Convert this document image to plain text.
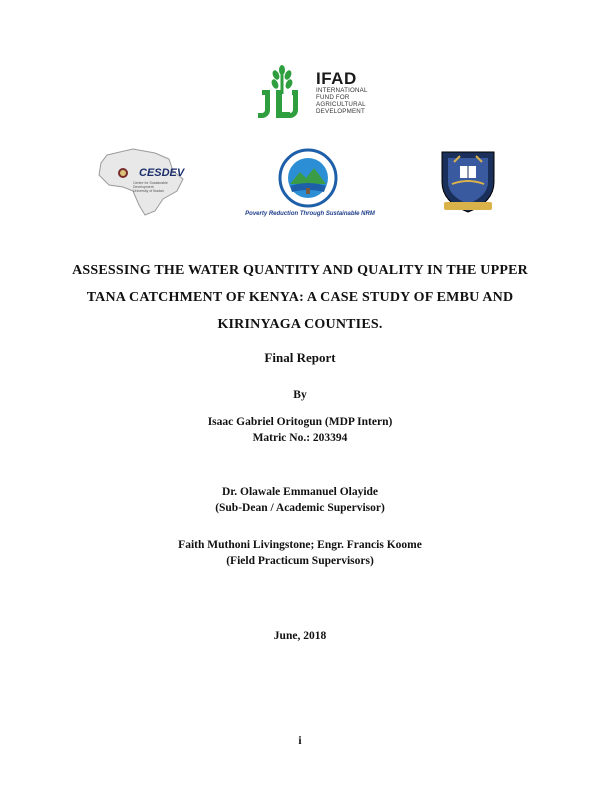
IFAD
INTERNATIONAL
FUND FOR
AGRICULTURAL
DEVELOPMENT
CESDEV
Centre for Sustainable
Development
University of Ibadan
Poverty Reduction Through Sustainable NRM
ASSESSING THE WATER QUANTITY AND QUALITY IN THE UPPER
TANA CATCHMENT OF KENYA: A CASE STUDY OF EMBU AND
KIRINYAGA COUNTIES.
Final Report
By
Isaac Gabriel Oritogun (MDP Intern)
Matric No.: 203394
Dr. Olawale Emmanuel Olayide
(Sub-Dean / Academic Supervisor)
Faith Muthoni Livingstone; Engr. Francis Koome
(Field Practicum Supervisors)
June, 2018
i
